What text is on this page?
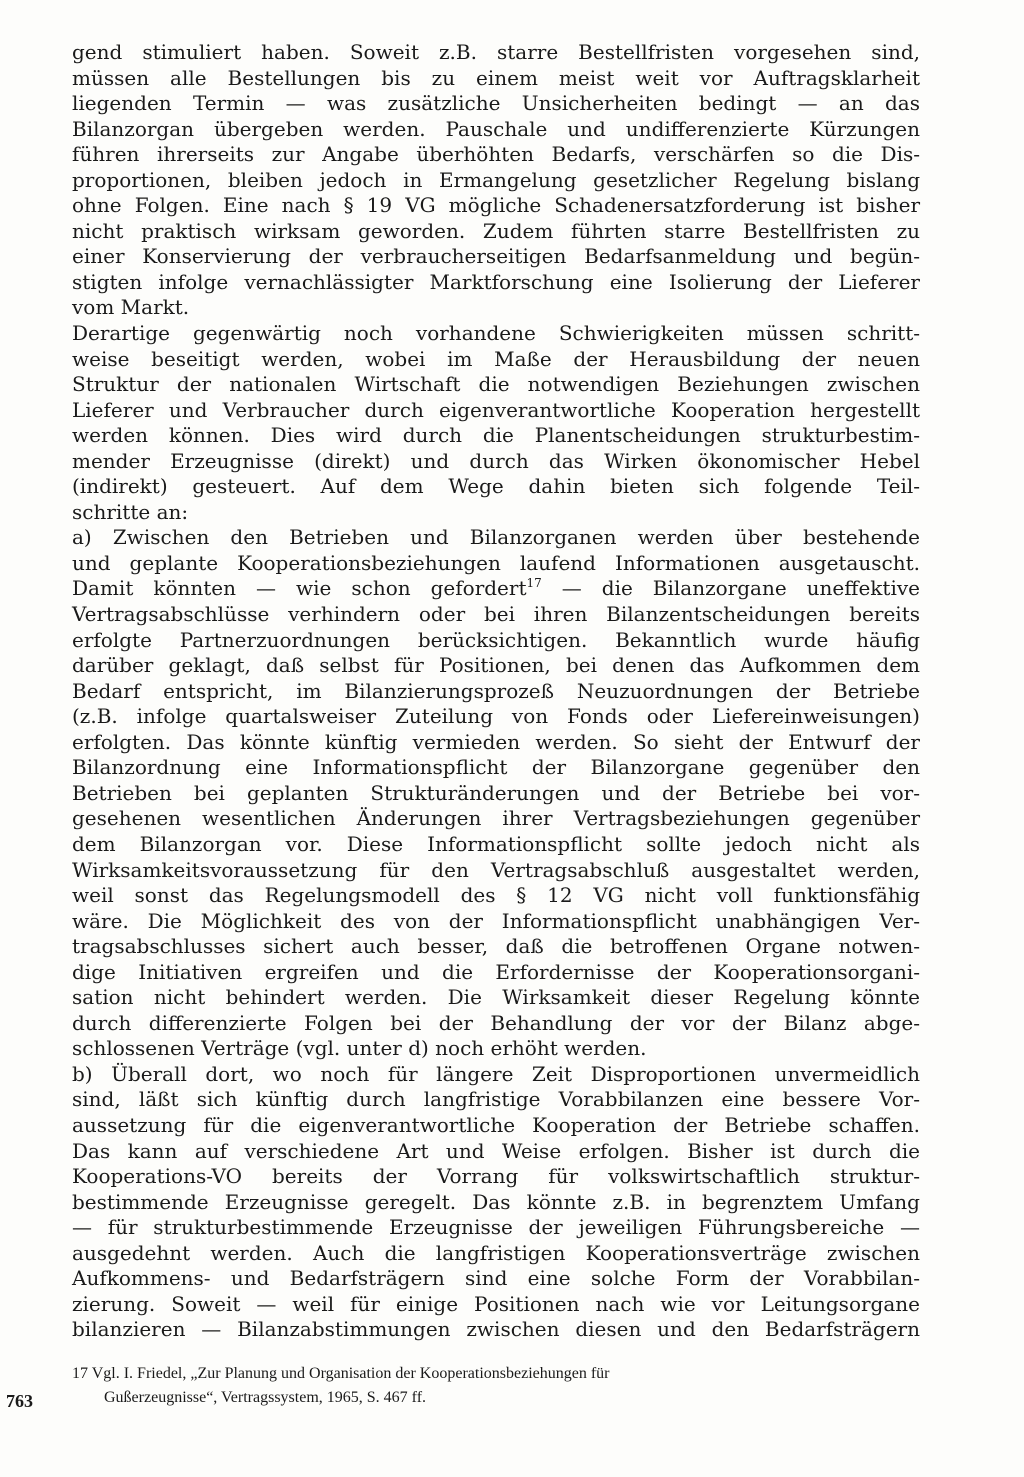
gend stimuliert haben. Soweit z.B. starre Bestellfristen vorgesehen sind,
müssen alle Bestellungen bis zu einem meist weit vor Auftragsklarheit
liegenden Termin — was zusätzliche Unsicherheiten bedingt — an das
Bilanzorgan übergeben werden. Pauschale und undifferenzierte Kürzungen
führen ihrerseits zur Angabe überhöhten Bedarfs, verschärfen so die Dis-
proportionen, bleiben jedoch in Ermangelung gesetzlicher Regelung bislang
ohne Folgen. Eine nach § 19 VG mögliche Schadenersatzforderung ist bisher
nicht praktisch wirksam geworden. Zudem führten starre Bestellfristen zu
einer Konservierung der verbraucherseitigen Bedarfsanmeldung und begün-
stigten infolge vernachlässigter Marktforschung eine Isolierung der Lieferer
vom Markt.
Derartige gegenwärtig noch vorhandene Schwierigkeiten müssen schritt-
weise beseitigt werden, wobei im Maße der Herausbildung der neuen
Struktur der nationalen Wirtschaft die notwendigen Beziehungen zwischen
Lieferer und Verbraucher durch eigenverantwortliche Kooperation hergestellt
werden können. Dies wird durch die Planentscheidungen strukturbestim-
mender Erzeugnisse (direkt) und durch das Wirken ökonomischer Hebel
(indirekt) gesteuert. Auf dem Wege dahin bieten sich folgende Teil-
schritte an:
a) Zwischen den Betrieben und Bilanzorganen werden über bestehende
und geplante Kooperationsbeziehungen laufend Informationen ausgetauscht.
Damit könnten — wie schon gefordert$^{17}$ — die Bilanzorgane uneffektive
Vertragsabschlüsse verhindern oder bei ihren Bilanzentscheidungen bereits
erfolgte Partnerzuordnungen berücksichtigen. Bekanntlich wurde häufig
darüber geklagt, daß selbst für Positionen, bei denen das Aufkommen dem
Bedarf entspricht, im Bilanzierungsprozeß Neuzuordnungen der Betriebe
(z.B. infolge quartalsweiser Zuteilung von Fonds oder Liefereinweisungen)
erfolgten. Das könnte künftig vermieden werden. So sieht der Entwurf der
Bilanzordnung eine Informationspflicht der Bilanzorgane gegenüber den
Betrieben bei geplanten Strukturänderungen und der Betriebe bei vor-
gesehenen wesentlichen Änderungen ihrer Vertragsbeziehungen gegenüber
dem Bilanzorgan vor. Diese Informationspflicht sollte jedoch nicht als
Wirksamkeitsvoraussetzung für den Vertragsabschluß ausgestaltet werden,
weil sonst das Regelungsmodell des § 12 VG nicht voll funktionsfähig
wäre. Die Möglichkeit des von der Informationspflicht unabhängigen Ver-
tragsabschlusses sichert auch besser, daß die betroffenen Organe notwen-
dige Initiativen ergreifen und die Erfordernisse der Kooperationsorgani-
sation nicht behindert werden. Die Wirksamkeit dieser Regelung könnte
durch differenzierte Folgen bei der Behandlung der vor der Bilanz abge-
schlossenen Verträge (vgl. unter d) noch erhöht werden.
b) Überall dort, wo noch für längere Zeit Disproportionen unvermeidlich
sind, läßt sich künftig durch langfristige Vorabbilanzen eine bessere Vor-
aussetzung für die eigenverantwortliche Kooperation der Betriebe schaffen.
Das kann auf verschiedene Art und Weise erfolgen. Bisher ist durch die
Kooperations-VO bereits der Vorrang für volkswirtschaftlich struktur-
bestimmende Erzeugnisse geregelt. Das könnte z.B. in begrenztem Umfang
— für strukturbestimmende Erzeugnisse der jeweiligen Führungsbereiche —
ausgedehnt werden. Auch die langfristigen Kooperationsverträge zwischen
Aufkommens- und Bedarfsträgern sind eine solche Form der Vorabbilan-
zierung. Soweit — weil für einige Positionen nach wie vor Leitungsorgane
bilanzieren — Bilanzabstimmungen zwischen diesen und den Bedarfsträgern
17 Vgl. I. Friedel, „Zur Planung und Organisation der Kooperationsbeziehungen für
Gußerzeugnisse“, Vertragssystem, 1965, S. 467 ff.
763
